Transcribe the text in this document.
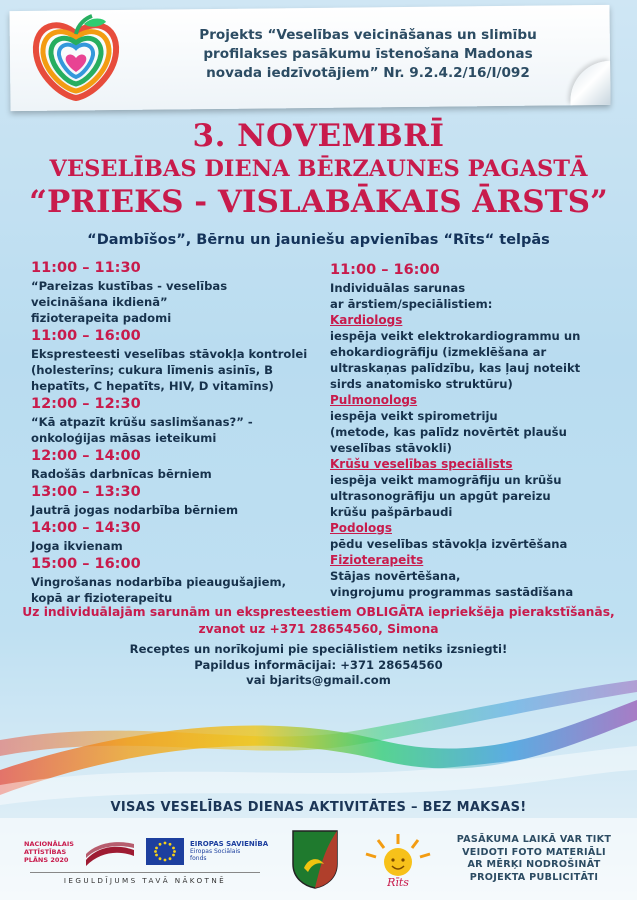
Projekts “Veselības veicināšanas un slimību
profilakses pasākumu īstenošana Madonas
novada iedzīvotājiem” Nr. 9.2.4.2/16/I/092
3. NOVEMBRĪ
VESELĪBAS DIENA BĒRZAUNES PAGASTĀ
“PRIEKS - VISLABĀKAIS ĀRSTS”
“Dambīšos”, Bērnu un jauniešu apvienības “Rīts“ telpās
11:00 – 11:30
“Pareizas kustības - veselības
veicināšana ikdienā”
fizioterapeita padomi
11:00 – 16:00
Ekspresteesti veselības stāvokļa kontrolei
(holesterīns; cukura līmenis asinīs, B
hepatīts, C hepatīts, HIV, D vitamīns)
12:00 – 12:30
“Kā atpazīt krūšu saslimšanas?” -
onkoloģijas māsas ieteikumi
12:00 – 14:00
Radošās darbnīcas bērniem
13:00 – 13:30
Jautrā jogas nodarbība bērniem
14:00 – 14:30
Joga ikvienam
15:00 – 16:00
Vingrošanas nodarbība pieaugušajiem,
kopā ar fizioterapeitu
11:00 – 16:00
Individuālas sarunas
ar ārstiem/speciālistiem:
Kardiologs
iespēja veikt elektrokardiogrammu un
ehokardiogrāfiju (izmeklēšana ar
ultraskaņas palīdzību, kas ļauj noteikt
sirds anatomisko struktūru)
Pulmonologs
iespēja veikt spirometriju
(metode, kas palīdz novērtēt plaušu
veselības stāvokli)
Krūšu veselības speciālists
iespēja veikt mamogrāfiju un krūšu
ultrasonogrāfiju un apgūt pareizu
krūšu pašpārbaudi
Podologs
pēdu veselības stāvokļa izvērtēšana
Fizioterapeits
Stājas novērtēšana,
vingrojumu programmas sastādīšana
Uz individuālajām sarunām un ekspresteestiem OBLIGĀTA iepriekšēja pierakstīšanās,
zvanot uz +371 28654560, Simona
Receptes un norīkojumi pie speciālistiem netiks izsniegti!
Papildus informācijai: +371 28654560
vai bjarits@gmail.com
VISAS VESELĪBAS DIENAS AKTIVITĀTES – BEZ MAKSAS!
NACIONĀLAIS
ATTĪSTĪBAS
PLĀNS 2020
EIROPAS SAVIENĪBA
Eiropas Sociālais
fonds
IEGULDĪJUMS TAVĀ NĀKOTNĒ	Rīts
PASĀKUMA LAIKĀ VAR TIKT
VEIDOTI FOTO MATERIĀLI
AR MĒRĶI NODROŠINĀT
PROJEKTA PUBLICITĀTI
